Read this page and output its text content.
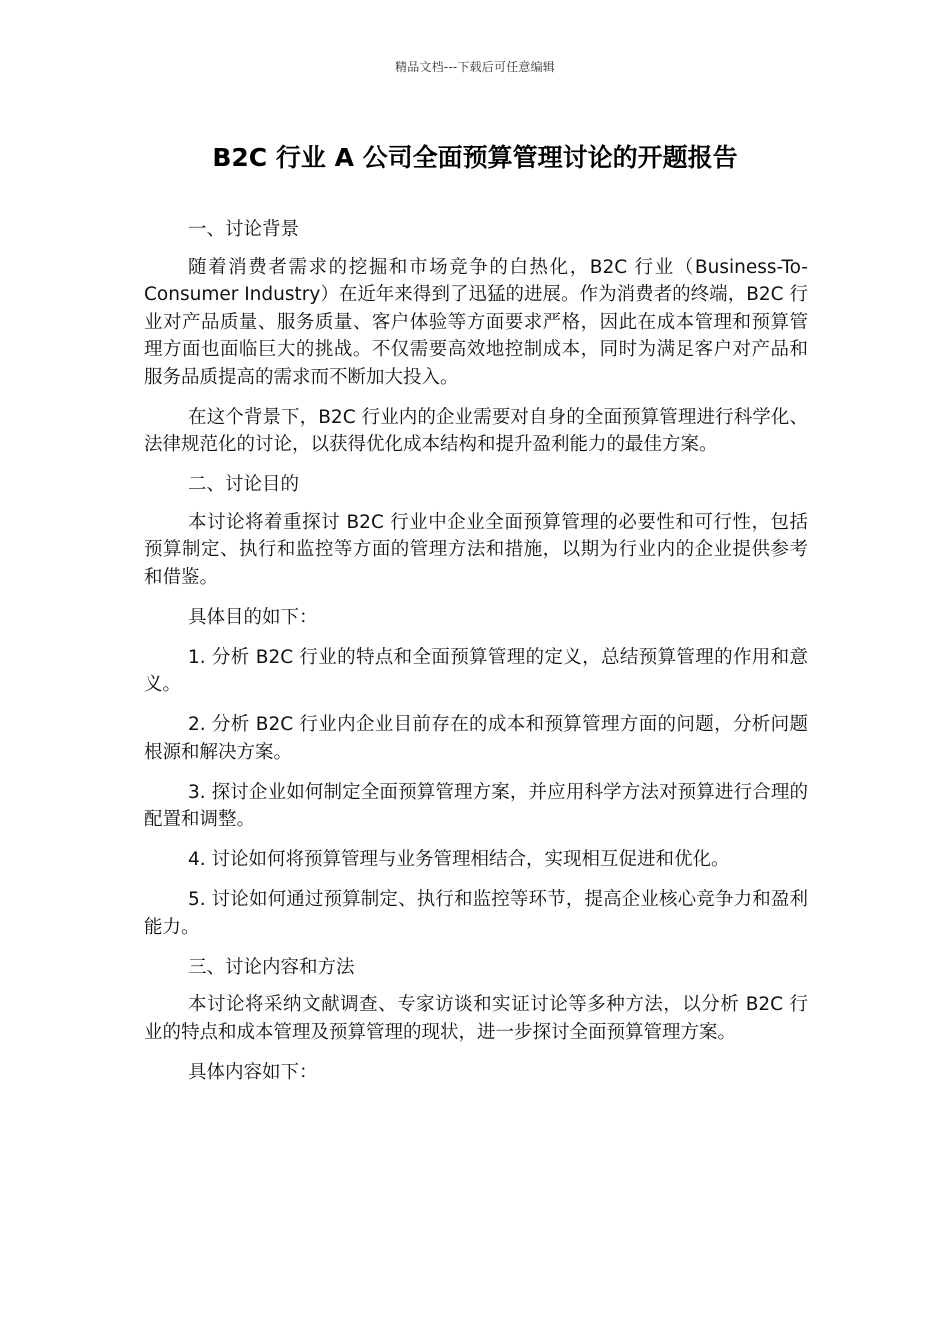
精品文档---下载后可任意编辑
B2C 行业 A 公司全面预算管理讨论的开题报告

一、讨论背景

随着消费者需求的挖掘和市场竞争的白热化，B2C 行业（Business-To-Consumer Industry）在近年来得到了迅猛的进展。作为消费者的终端，B2C 行业对产品质量、服务质量、客户体验等方面要求严格，因此在成本管理和预算管理方面也面临巨大的挑战。不仅需要高效地控制成本，同时为满足客户对产品和服务品质提高的需求而不断加大投入。

在这个背景下，B2C 行业内的企业需要对自身的全面预算管理进行科学化、法律规范化的讨论，以获得优化成本结构和提升盈利能力的最佳方案。

二、讨论目的

本讨论将着重探讨 B2C 行业中企业全面预算管理的必要性和可行性，包括预算制定、执行和监控等方面的管理方法和措施，以期为行业内的企业提供参考和借鉴。

具体目的如下：

1. 分析 B2C 行业的特点和全面预算管理的定义，总结预算管理的作用和意义。

2. 分析 B2C 行业内企业目前存在的成本和预算管理方面的问题，分析问题根源和解决方案。

3. 探讨企业如何制定全面预算管理方案，并应用科学方法对预算进行合理的配置和调整。

4. 讨论如何将预算管理与业务管理相结合，实现相互促进和优化。

5. 讨论如何通过预算制定、执行和监控等环节，提高企业核心竞争力和盈利能力。

三、讨论内容和方法

本讨论将采纳文献调查、专家访谈和实证讨论等多种方法，以分析 B2C 行业的特点和成本管理及预算管理的现状，进一步探讨全面预算管理方案。

具体内容如下：
